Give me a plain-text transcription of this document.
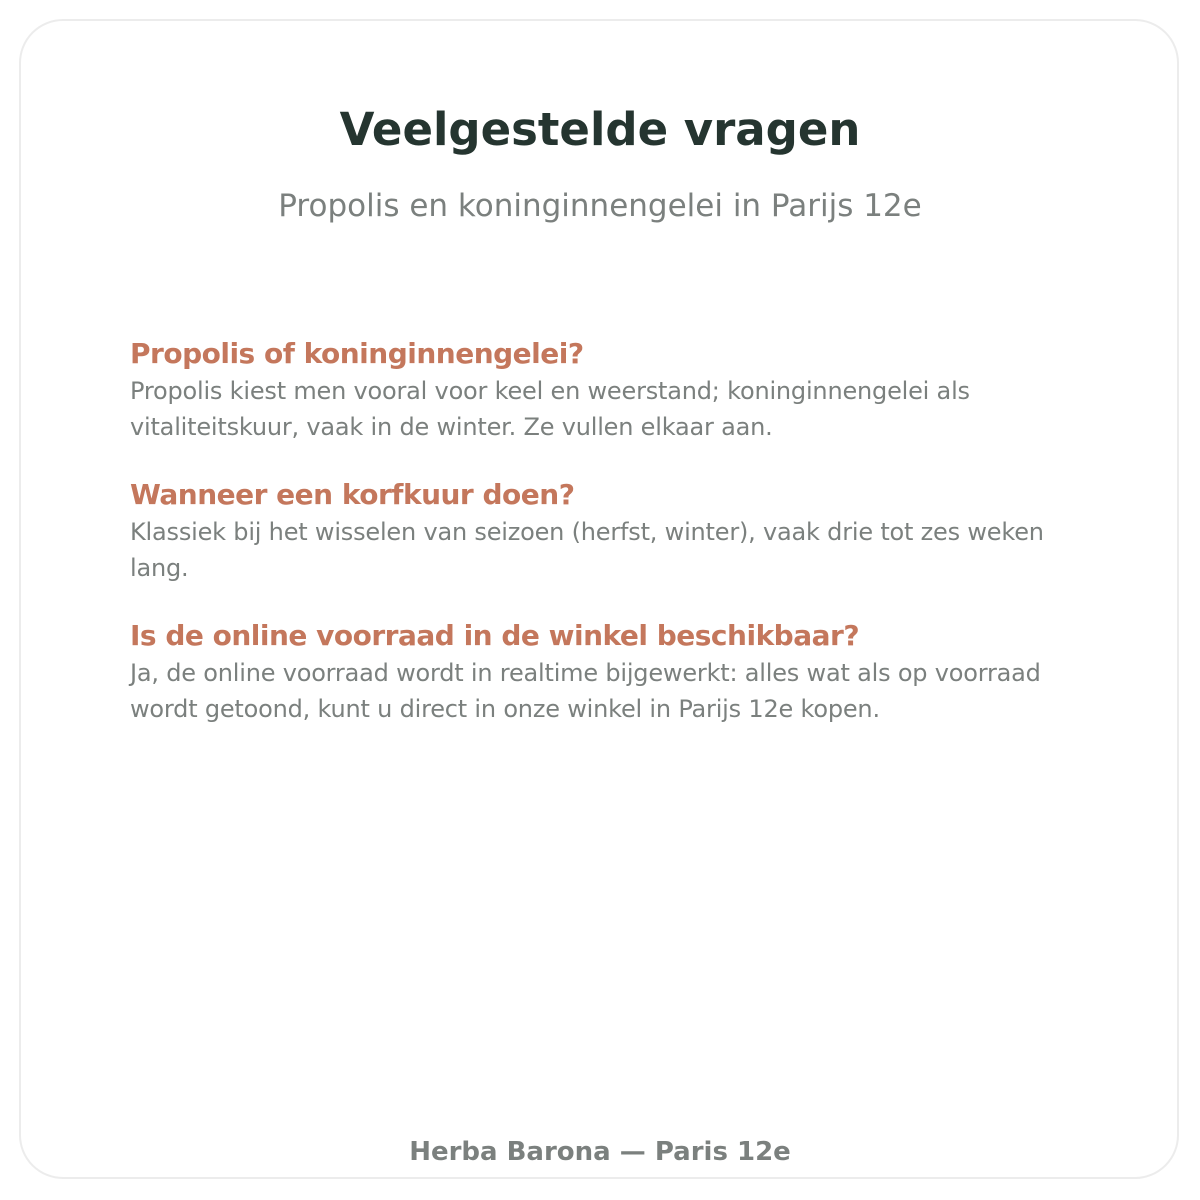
Veelgestelde vragen

Propolis en koninginnengelei in Parijs 12e

Propolis of koninginnengelei?

Propolis kiest men vooral voor keel en weerstand; koninginnengelei als vitaliteitskuur, vaak in de winter. Ze vullen elkaar aan.

Wanneer een korfkuur doen?

Klassiek bij het wisselen van seizoen (herfst, winter), vaak drie tot zes weken lang.

Is de online voorraad in de winkel beschikbaar?

Ja, de online voorraad wordt in realtime bijgewerkt: alles wat als op voorraad wordt getoond, kunt u direct in onze winkel in Parijs 12e kopen.

Herba Barona — Paris 12e
